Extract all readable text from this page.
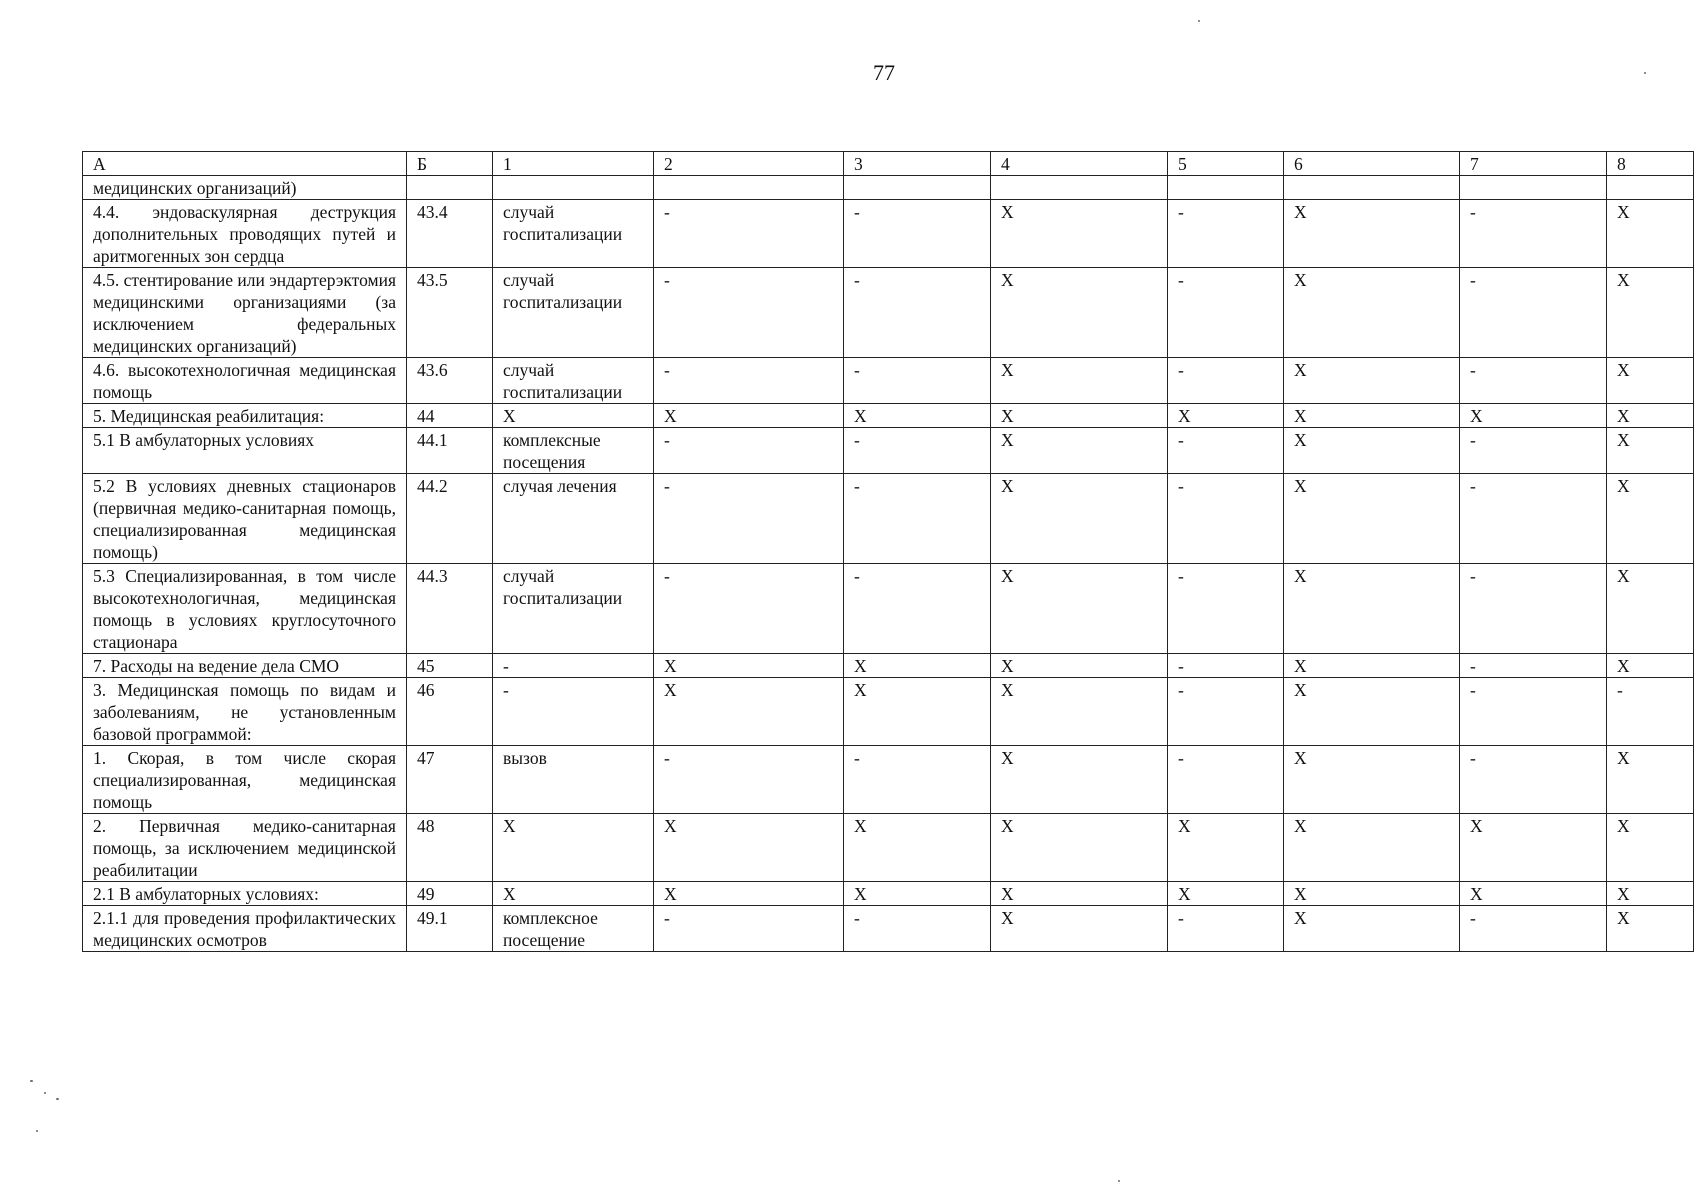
77
А	Б	1	2	3	4	5	6	7	8
медицинских организаций)									
4.4. эндоваскулярная деструкция дополнительных проводящих путей и аритмогенных зон сердца	43.4	случай госпитализации	-	-	X	-	X	-	X
4.5. стентирование или эндартерэктомия медицинскими организациями (за исключением федеральных медицинских организаций)	43.5	случай госпитализации	-	-	X	-	X	-	X
4.6. высокотехнологичная медицинская помощь	43.6	случай госпитализации	-	-	X	-	X	-	X
5. Медицинская реабилитация:	44	X	X	X	X	X	X	X	X
5.1 В амбулаторных условиях	44.1	комплексные посещения	-	-	X	-	X	-	X
5.2 В условиях дневных стационаров (первичная медико-санитарная помощь, специализированная медицинская помощь)	44.2	случая лечения	-	-	X	-	X	-	X
5.3 Специализированная, в том числе высокотехнологичная, медицинская помощь в условиях круглосуточного стационара	44.3	случай госпитализации	-	-	X	-	X	-	X
7. Расходы на ведение дела СМО	45	-	X	X	X	-	X	-	X
3. Медицинская помощь по видам и заболеваниям, не установленным базовой программой:	46	-	X	X	X	-	X	-	-
1. Скорая, в том числе скорая специализированная, медицинская помощь	47	вызов	-	-	X	-	X	-	X
2. Первичная медико-санитарная помощь, за исключением медицинской реабилитации	48	X	X	X	X	X	X	X	X
2.1 В амбулаторных условиях:	49	X	X	X	X	X	X	X	X
2.1.1 для проведения профилактических медицинских осмотров	49.1	комплексное посещение	-	-	X	-	X	-	X
